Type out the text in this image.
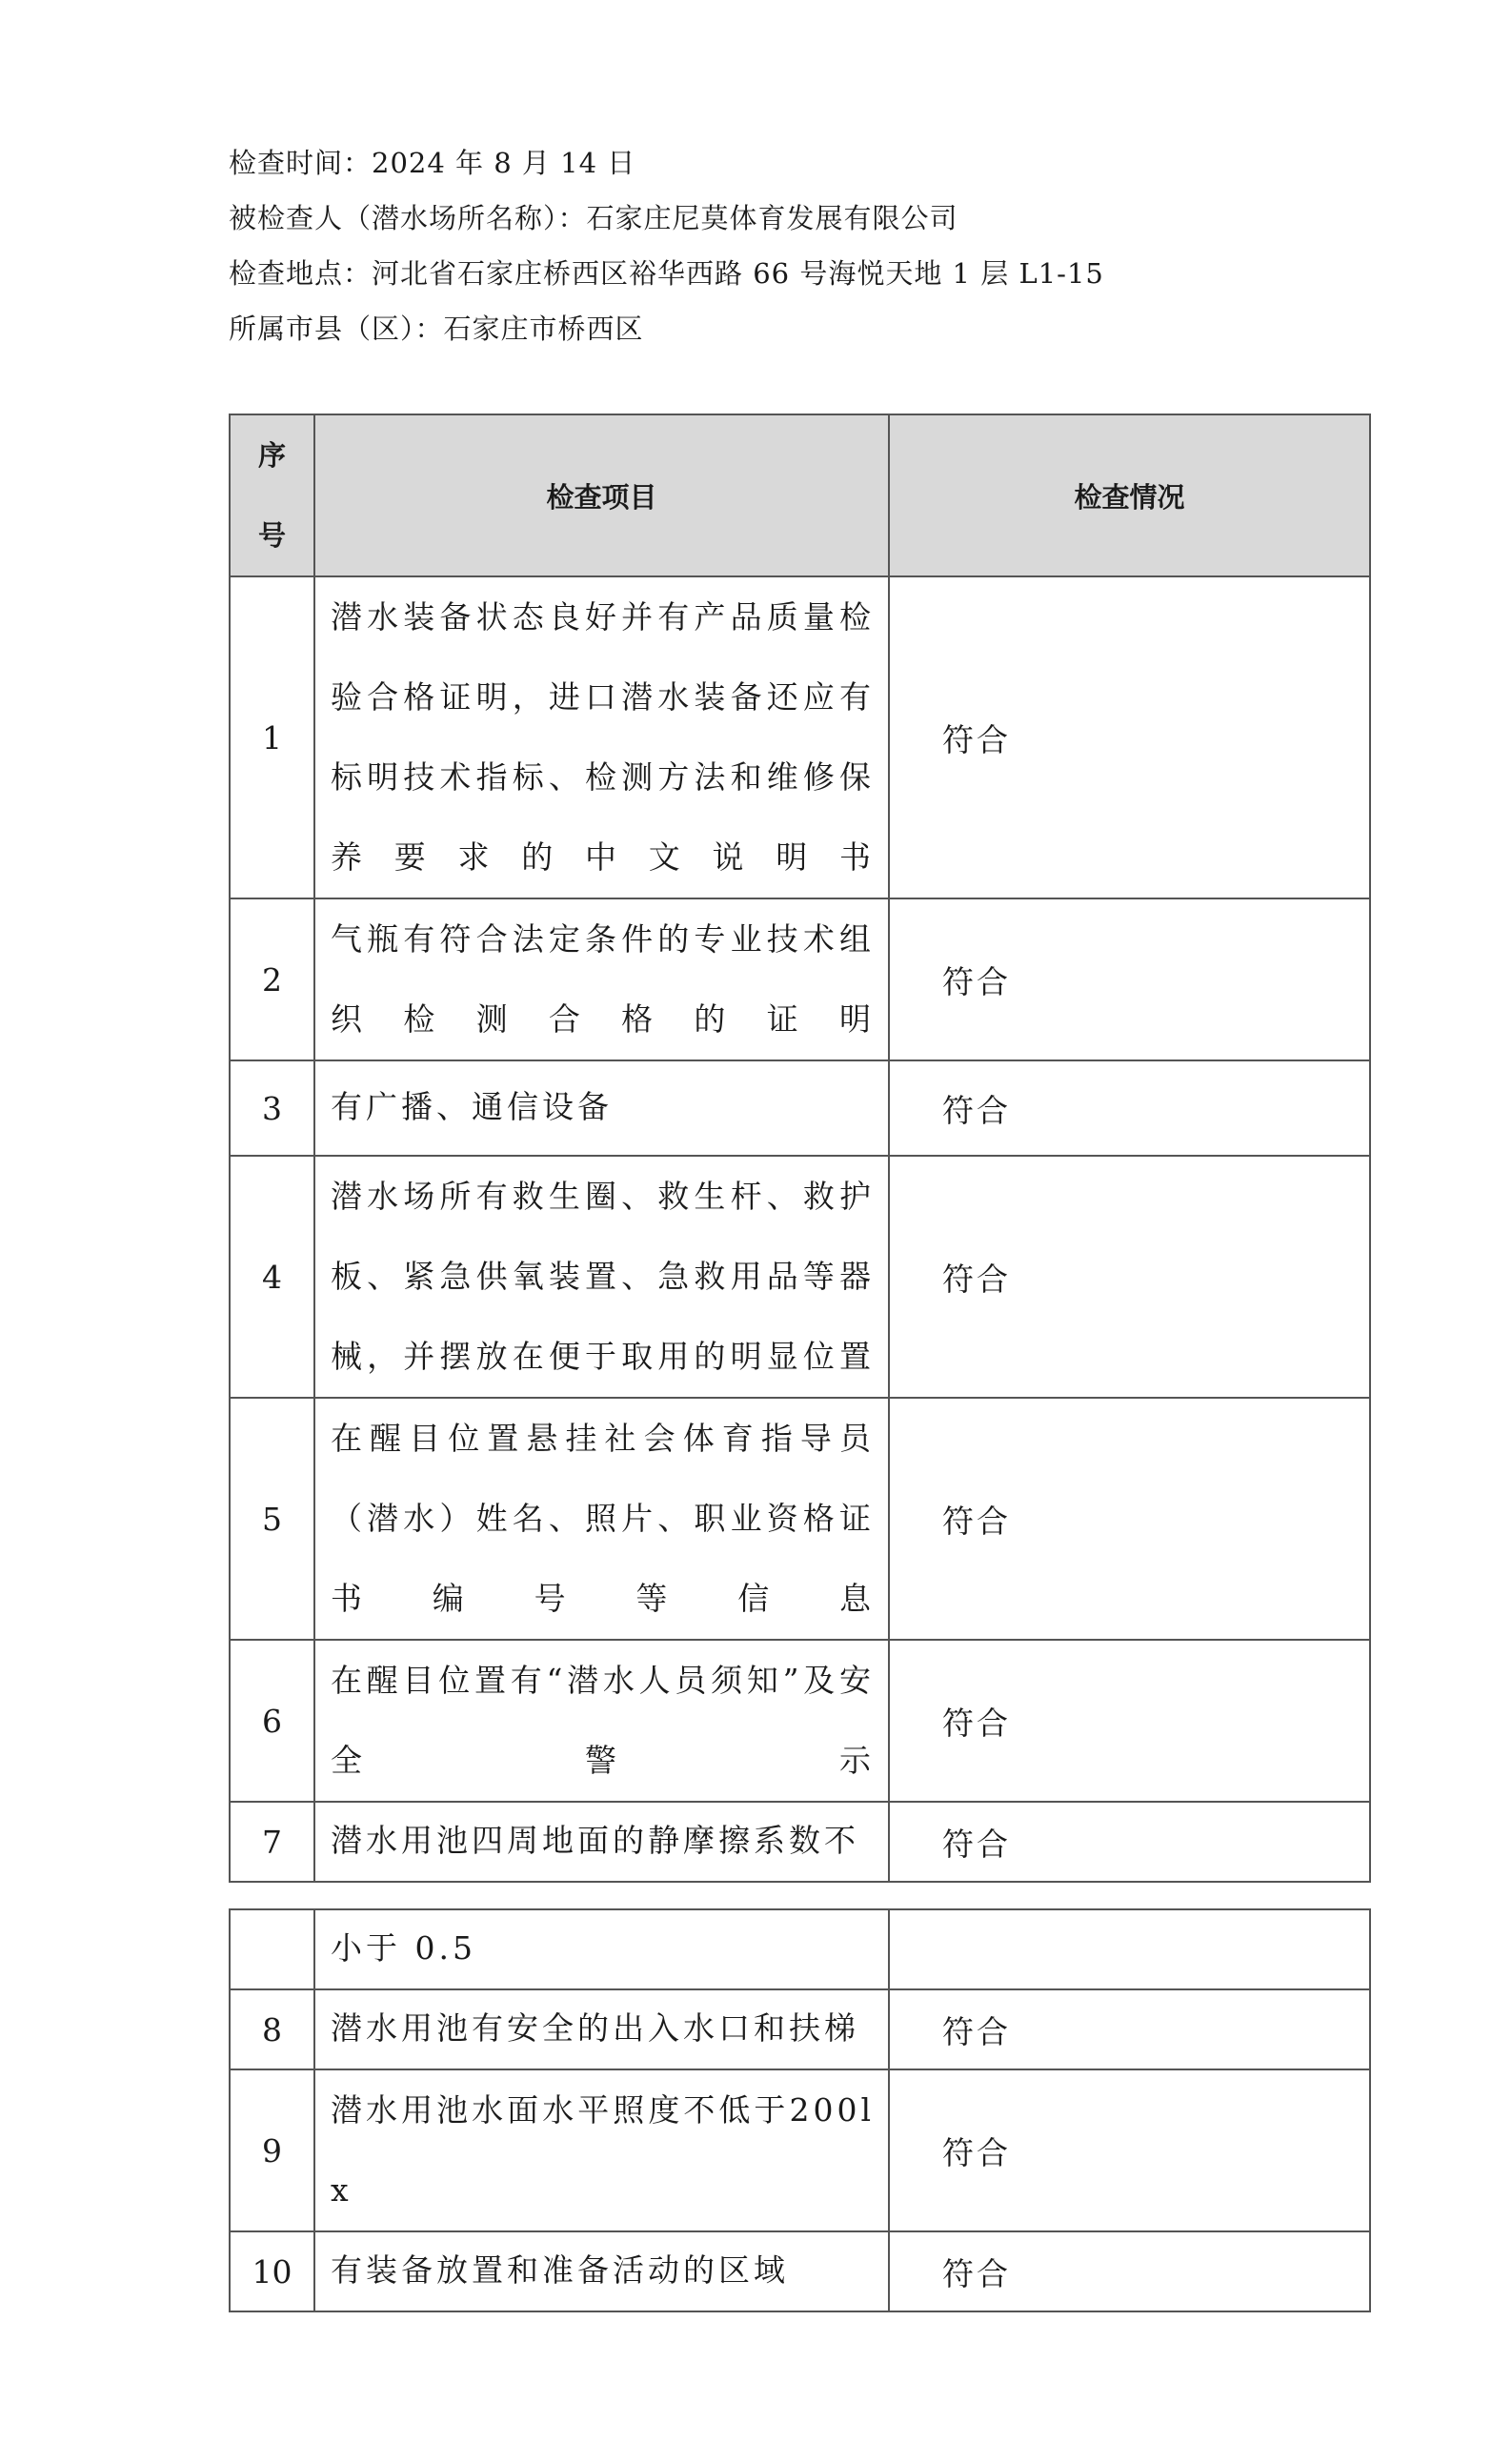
检查时间：2024 年 8 月 14 日
被检查人（潜水场所名称）：石家庄尼莫体育发展有限公司
检查地点：河北省石家庄桥西区裕华西路 66 号海悦天地 1 层 L1-15
所属市县（区）：石家庄市桥西区
序
号	检查项目	检查情况
1	潜水装备状态良好并有产品质量检验合格证明，进口潜水装备还应有标明技术指标、检测方法和维修保养要求的中文说明书	符合
2	气瓶有符合法定条件的专业技术组织检测合格的证明	符合
3	有广播、通信设备	符合
4	潜水场所有救生圈、救生杆、救护板、紧急供氧装置、急救用品等器械，并摆放在便于取用的明显位置	符合
5	在醒目位置悬挂社会体育指导员（潜水）姓名、照片、职业资格证书编号等信息	符合
6	在醒目位置有“潜水人员须知”及安全警示	符合
7	潜水用池四周地面的静摩擦系数不	符合
	小于 0.5	
8	潜水用池有安全的出入水口和扶梯	符合
9	潜水用池水面水平照度不低于200lx	符合
10	有装备放置和准备活动的区域	符合
